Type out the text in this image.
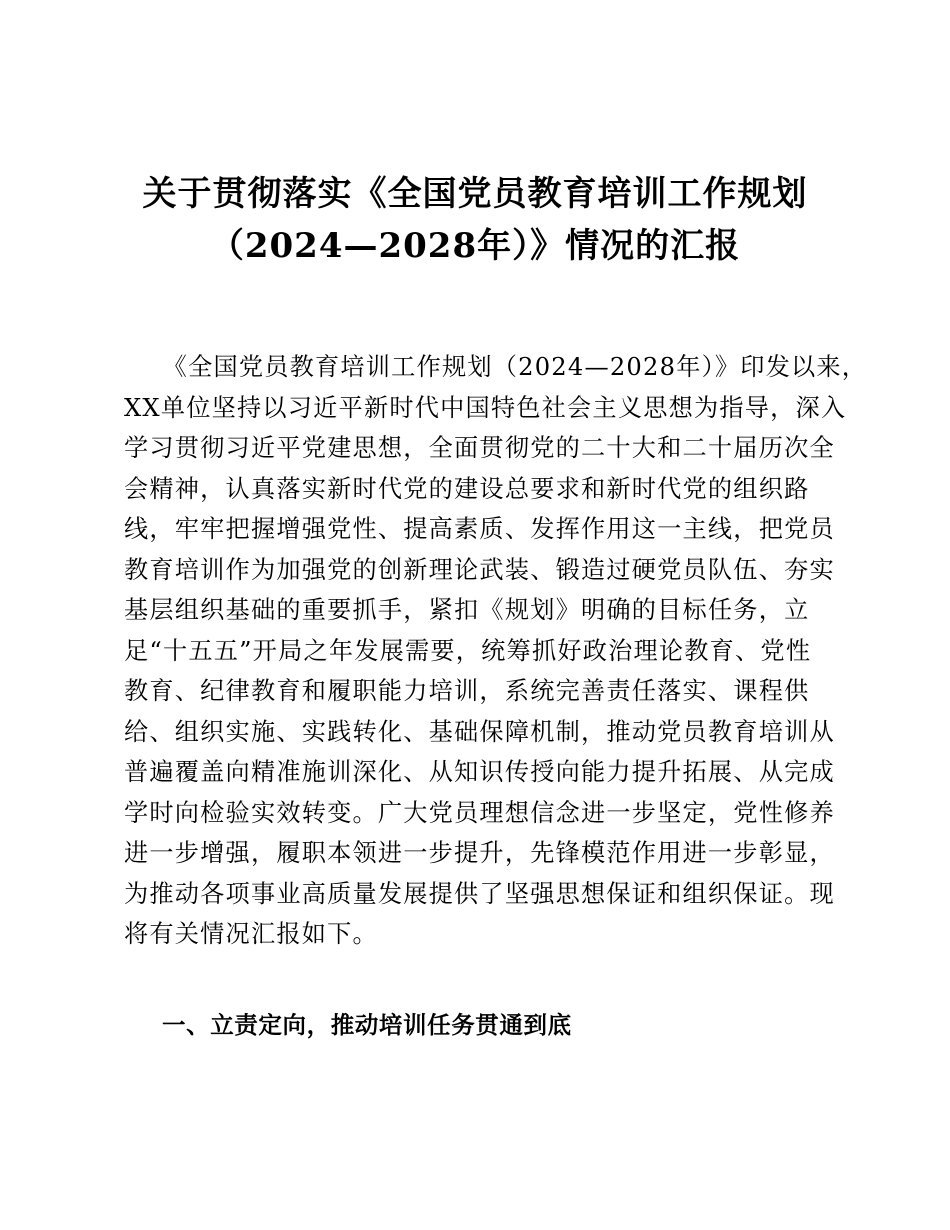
关于贯彻落实《全国党员教育培训工作规划
（2024—2028年）》情况的汇报
　　《全国党员教育培训工作规划（2024—2028年）》印发以来，
XX单位坚持以习近平新时代中国特色社会主义思想为指导，深入
学习贯彻习近平党建思想，全面贯彻党的二十大和二十届历次全
会精神，认真落实新时代党的建设总要求和新时代党的组织路
线，牢牢把握增强党性、提高素质、发挥作用这一主线，把党员
教育培训作为加强党的创新理论武装、锻造过硬党员队伍、夯实
基层组织基础的重要抓手，紧扣《规划》明确的目标任务，立
足“十五五”开局之年发展需要，统筹抓好政治理论教育、党性
教育、纪律教育和履职能力培训，系统完善责任落实、课程供
给、组织实施、实践转化、基础保障机制，推动党员教育培训从
普遍覆盖向精准施训深化、从知识传授向能力提升拓展、从完成
学时向检验实效转变。广大党员理想信念进一步坚定，党性修养
进一步增强，履职本领进一步提升，先锋模范作用进一步彰显，
为推动各项事业高质量发展提供了坚强思想保证和组织保证。现
将有关情况汇报如下。
一、立责定向，推动培训任务贯通到底
